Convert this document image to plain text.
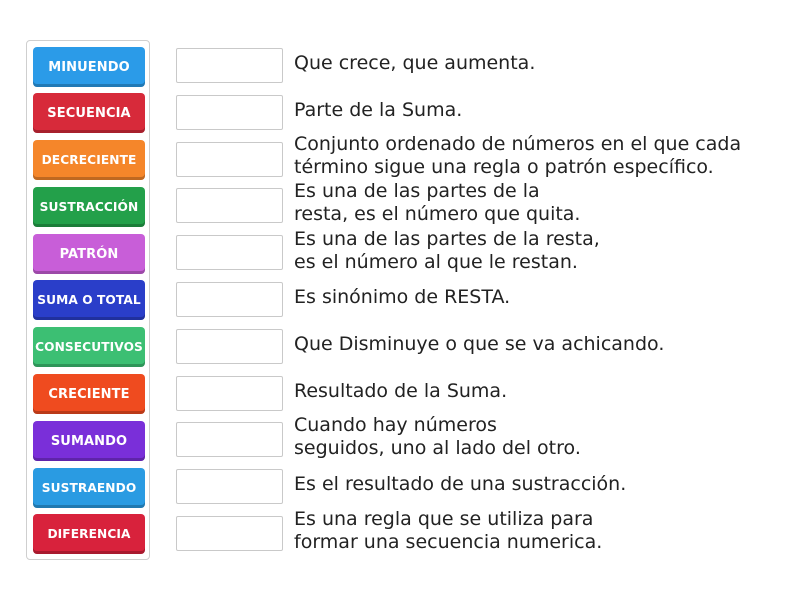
MINUENDO
SECUENCIA
DECRECIENTE
SUSTRACCIÓN
PATRÓN
SUMA O TOTAL
CONSECUTIVOS
CRECIENTE
SUMANDO
SUSTRAENDO
DIFERENCIA
Que crece, que aumenta.
Parte de la Suma.
Conjunto ordenado de números en el que cada
término sigue una regla o patrón específico.
Es una de las partes de la
resta, es el número que quita.
Es una de las partes de la resta,
es el número al que le restan.
Es sinónimo de RESTA.
Que Disminuye o que se va achicando.
Resultado de la Suma.
Cuando hay números
seguidos, uno al lado del otro.
Es el resultado de una sustracción.
Es una regla que se utiliza para
formar una secuencia numerica.
